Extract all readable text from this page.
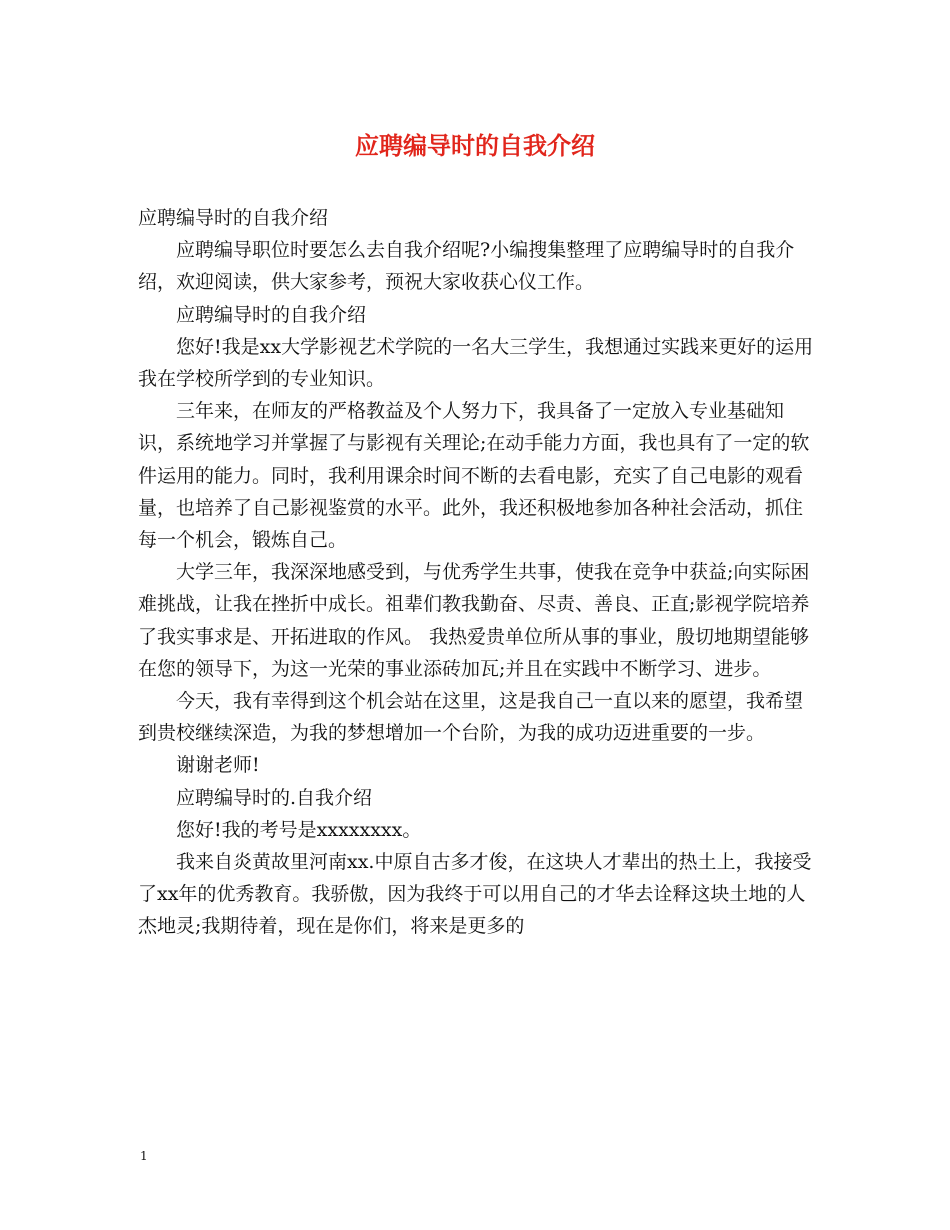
应聘编导时的自我介绍

应聘编导时的自我介绍

应聘编导职位时要怎么去自我介绍呢?小编搜集整理了应聘编导时的自我介绍，欢迎阅读，供大家参考，预祝大家收获心仪工作。

应聘编导时的自我介绍

您好!我是xx大学影视艺术学院的一名大三学生，我想通过实践来更好的运用我在学校所学到的专业知识。

三年来，在师友的严格教益及个人努力下，我具备了一定放入专业基础知识，系统地学习并掌握了与影视有关理论;在动手能力方面，我也具有了一定的软件运用的能力。同时，我利用课余时间不断的去看电影，充实了自己电影的观看量，也培养了自己影视鉴赏的水平。此外，我还积极地参加各种社会活动，抓住每一个机会，锻炼自己。

大学三年，我深深地感受到，与优秀学生共事，使我在竞争中获益;向实际困难挑战，让我在挫折中成长。祖辈们教我勤奋、尽责、善良、正直;影视学院培养了我实事求是、开拓进取的作风。 我热爱贵单位所从事的事业，殷切地期望能够在您的领导下，为这一光荣的事业添砖加瓦;并且在实践中不断学习、进步。

今天，我有幸得到这个机会站在这里，这是我自己一直以来的愿望，我希望到贵校继续深造，为我的梦想增加一个台阶，为我的成功迈进重要的一步。

谢谢老师!

应聘编导时的.自我介绍

您好!我的考号是xxxxxxxx。

我来自炎黄故里河南xx.中原自古多才俊，在这块人才辈出的热土上，我接受了xx年的优秀教育。我骄傲，因为我终于可以用自己的才华去诠释这块土地的人杰地灵;我期待着，现在是你们，将来是更多的

1
